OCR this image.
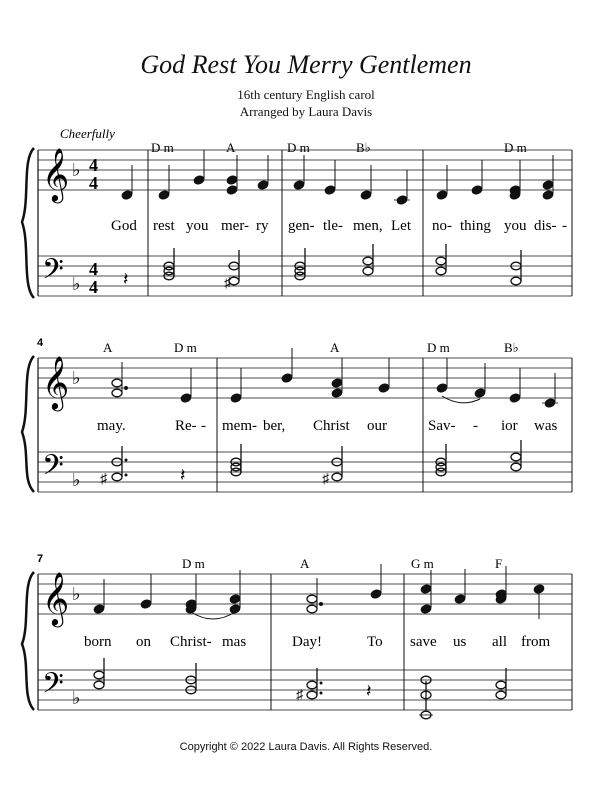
God Rest You Merry Gentlemen
16th century English carol
Arranged by Laura Davis
Cheerfully
𝄞
𝄢
♭
♭
4
4
4
4
D m	A	D m	B♭	D m
♯
𝄽
God rest you mer- ry gen- tle- men, Let no- thing you dis- -
4
𝄞
𝄢
♭
♭
A	D m	A	D m	B♭
♯	♯
𝄽
may.	Re- - mem- ber, Christ our	Sav- - ior was
7
𝄞
𝄢
♭
♭
D m	A	G m	F
♯	𝄽
born on Christ- mas	Day!	To save us all from
Copyright © 2022 Laura Davis. All Rights Reserved.
